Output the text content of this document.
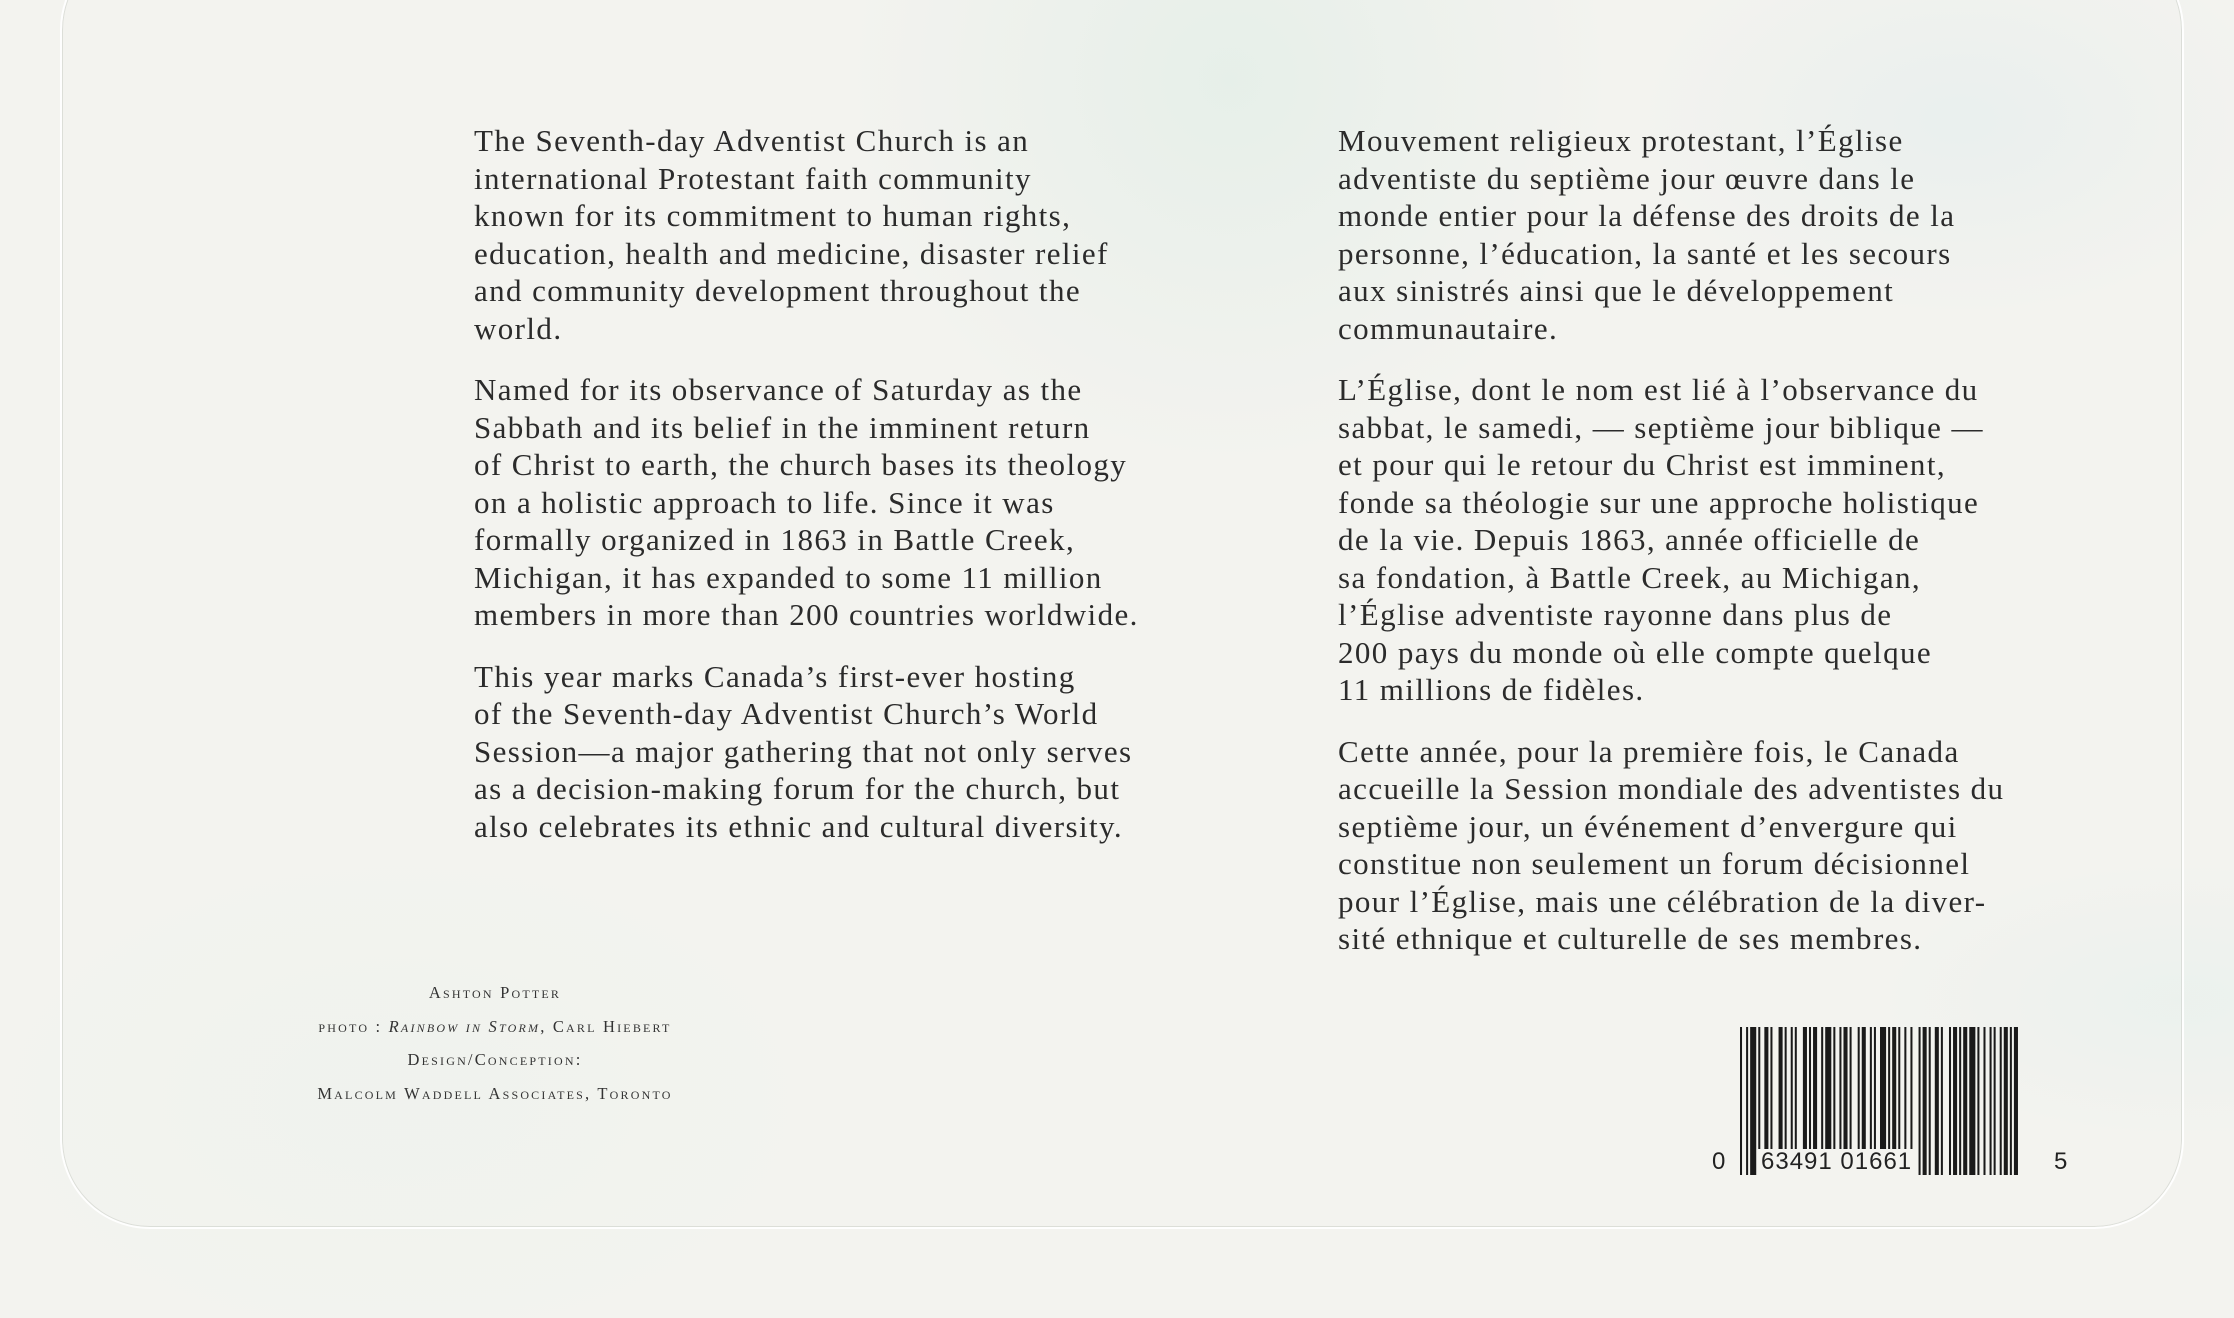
The Seventh-day Adventist Church is an
international Protestant faith community
known for its commitment to human rights,
education, health and medicine, disaster relief
and community development throughout the
world.

Named for its observance of Saturday as the
Sabbath and its belief in the imminent return
of Christ to earth, the church bases its theology
on a holistic approach to life. Since it was
formally organized in 1863 in Battle Creek,
Michigan, it has expanded to some 11 million
members in more than 200 countries worldwide.

This year marks Canada’s first-ever hosting
of the Seventh-day Adventist Church’s World
Session—a major gathering that not only serves
as a decision-making forum for the church, but
also celebrates its ethnic and cultural diversity.

Mouvement religieux protestant, l’Église
adventiste du septième jour œuvre dans le
monde entier pour la défense des droits de la
personne, l’éducation, la santé et les secours
aux sinistrés ainsi que le développement
communautaire.

L’Église, dont le nom est lié à l’observance du
sabbat, le samedi, — septième jour biblique —
et pour qui le retour du Christ est imminent,
fonde sa théologie sur une approche holistique
de la vie. Depuis 1863, année officielle de
sa fondation, à Battle Creek, au Michigan,
l’Église adventiste rayonne dans plus de
200 pays du monde où elle compte quelque
11 millions de fidèles.

Cette année, pour la première fois, le Canada
accueille la Session mondiale des adventistes du
septième jour, un événement d’envergure qui
constitue non seulement un forum décisionnel
pour l’Église, mais une célébration de la diver-
sité ethnique et culturelle de ses membres.

Ashton Potter
photo : Rainbow in Storm, Carl Hiebert
Design/Conception:
Malcolm Waddell Associates, Toronto
0 63491 01661	5
